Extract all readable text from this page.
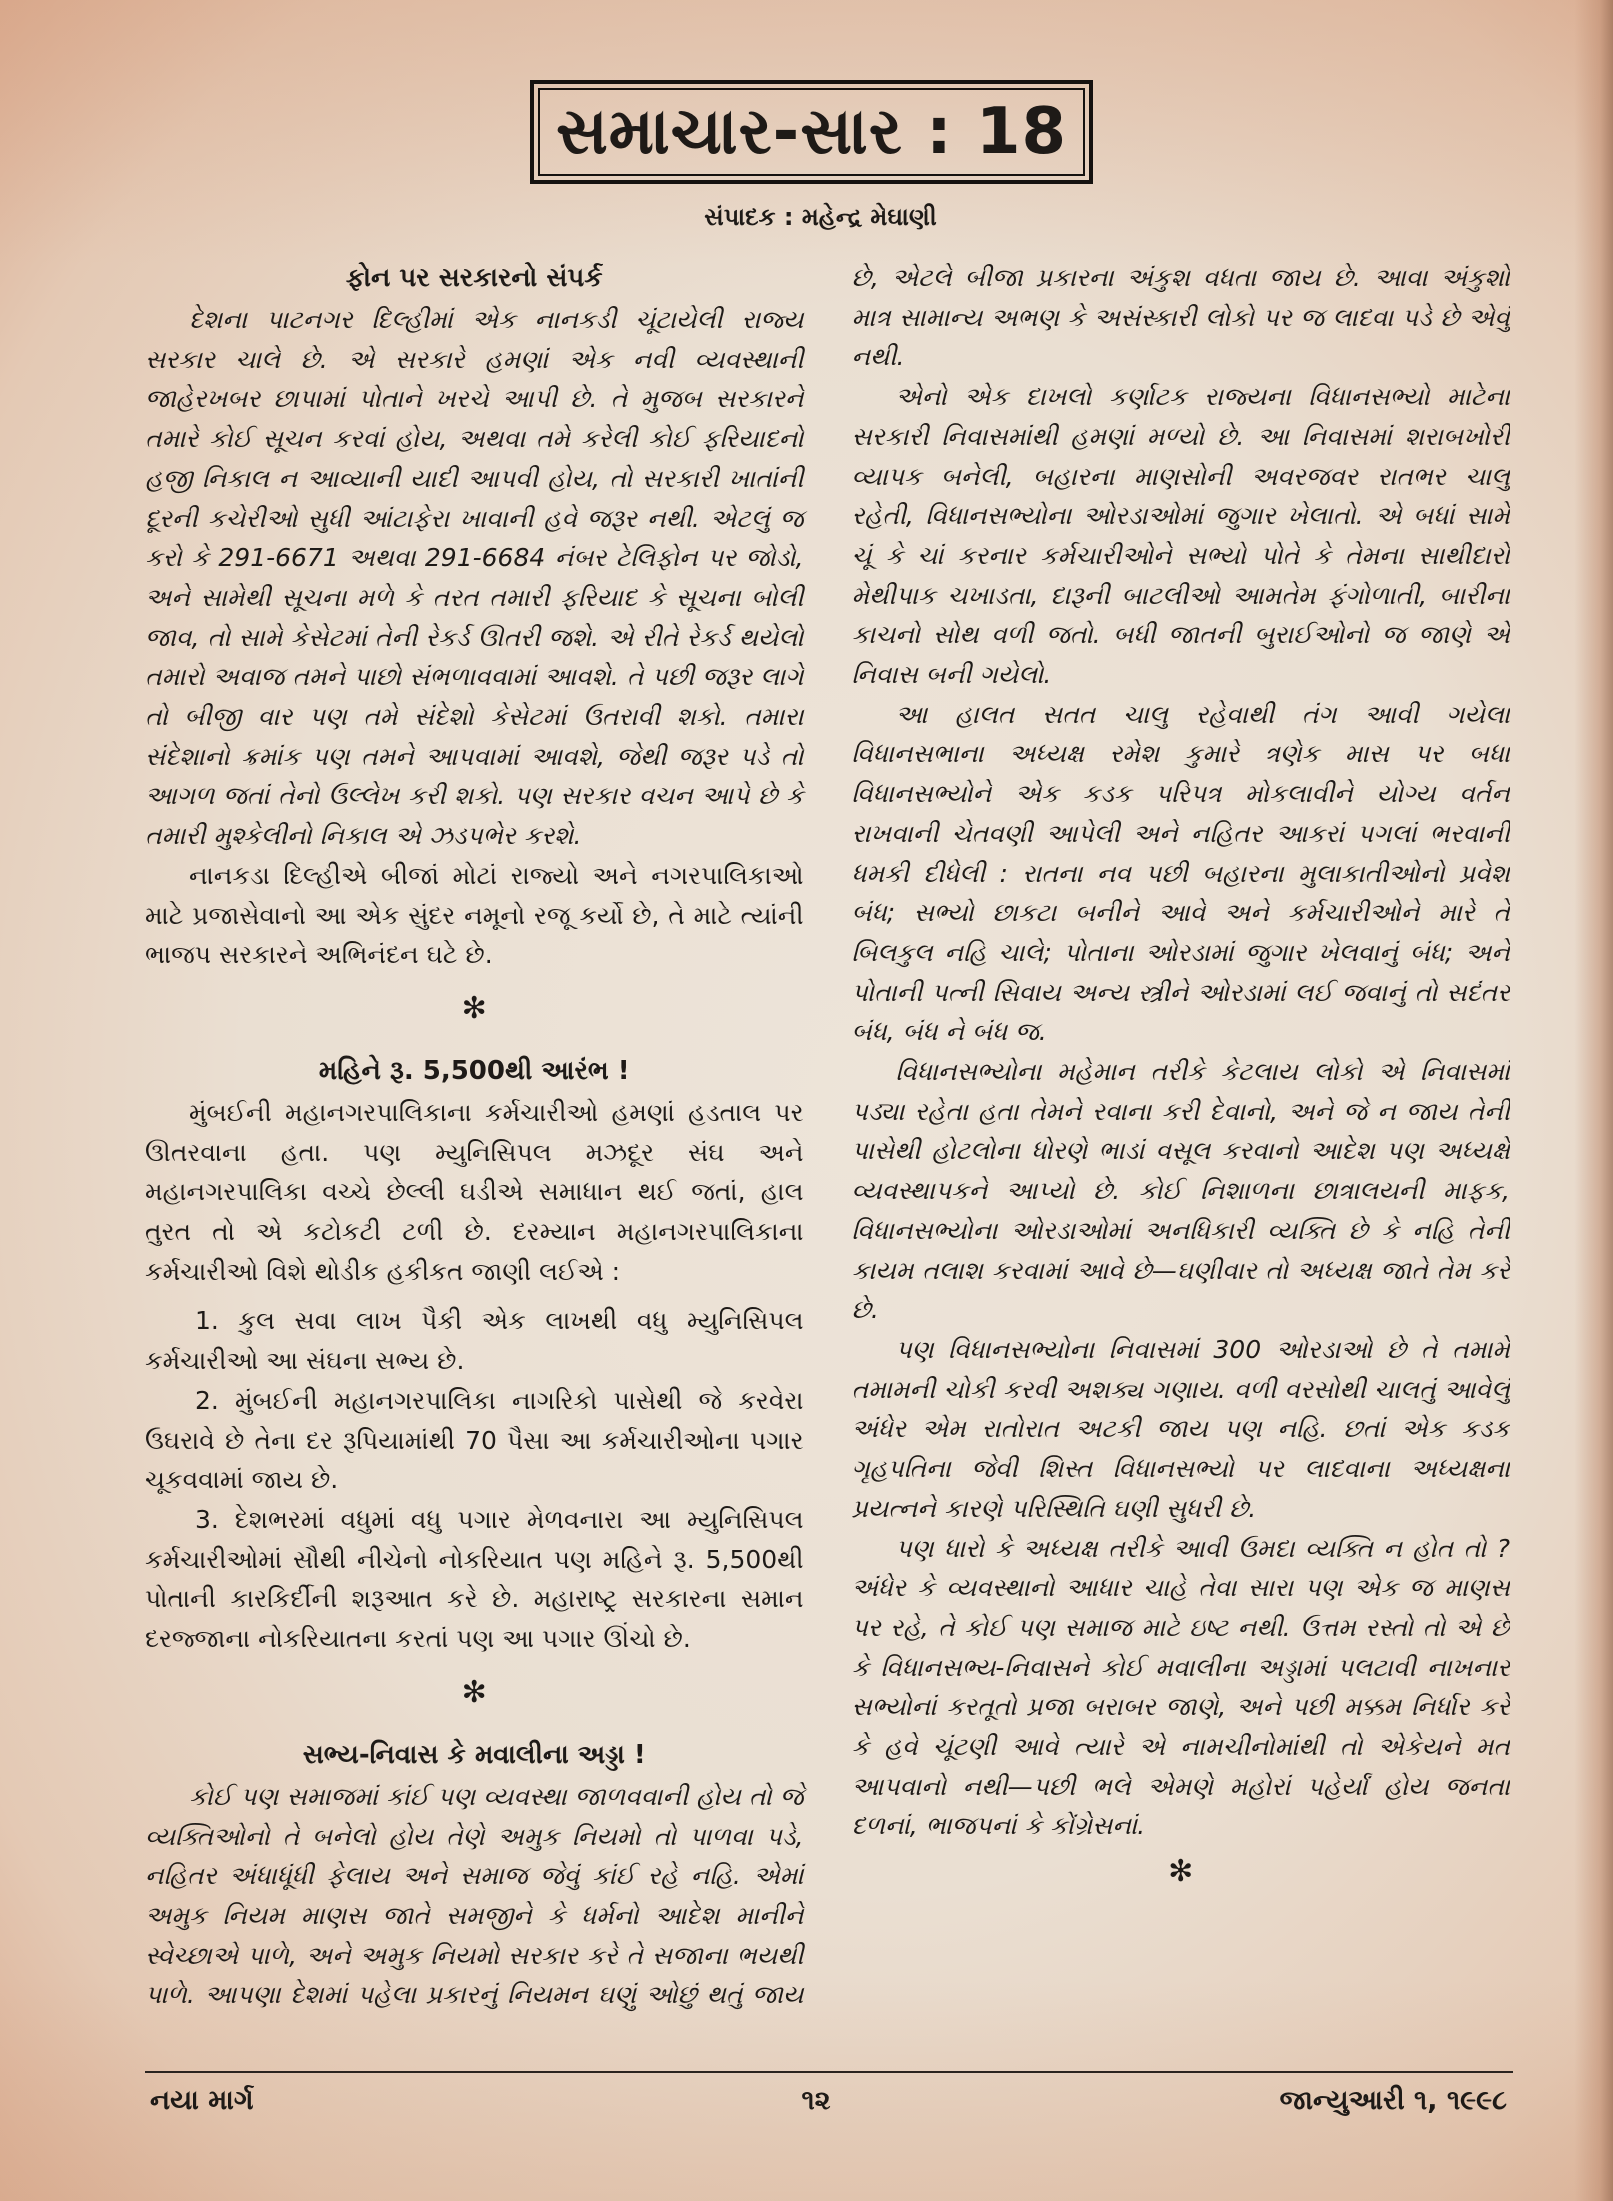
સમાચાર-સાર : 18
સંપાદક : મહેન્દ્ર મેઘાણી
ફોન પર સરકારનો સંપર્ક

દેશના પાટનગર દિલ્હીમાં એક નાનકડી ચૂંટાયેલી રાજ્ય સરકાર ચાલે છે. એ સરકારે હમણાં એક નવી વ્યવસ્થાની જાહેરખબર છાપામાં પોતાને ખરચે આપી છે. તે મુજબ સરકારને તમારે કોઈ સૂચન કરવાં હોય, અથવા તમે કરેલી કોઈ ફરિયાદનો હજી નિકાલ ન આવ્યાની યાદી આપવી હોય, તો સરકારી ખાતાંની દૂરની કચેરીઓ સુધી આંટાફેરા ખાવાની હવે જરૂર નથી. એટલું જ કરો કે 291-6671 અથવા 291-6684 નંબર ટેલિફોન પર જોડો, અને સામેથી સૂચના મળે કે તરત તમારી ફરિયાદ કે સૂચના બોલી જાવ, તો સામે કેસેટમાં તેની રેકર્ડ ઊતરી જશે. એ રીતે રેકર્ડ થયેલો તમારો અવાજ તમને પાછો સંભળાવવામાં આવશે. તે પછી જરૂર લાગે તો બીજી વાર પણ તમે સંદેશો કેસેટમાં ઉતરાવી શકો. તમારા સંદેશાનો ક્રમાંક પણ તમને આપવામાં આવશે, જેથી જરૂર પડે તો આગળ જતાં તેનો ઉલ્લેખ કરી શકો. પણ સરકાર વચન આપે છે કે તમારી મુશ્કેલીનો નિકાલ એ ઝડપભેર કરશે.

નાનકડા દિલ્હીએ બીજાં મોટાં રાજ્યો અને નગરપાલિકાઓ માટે પ્રજાસેવાનો આ એક સુંદર નમૂનો રજૂ કર્યો છે, તે માટે ત્યાંની ભાજપ સરકારને અભિનંદન ઘટે છે.

✻
મહિને રૂ. 5,500થી આરંભ !

મુંબઈની મહાનગરપાલિકાના કર્મચારીઓ હમણાં હડતાલ પર ઊતરવાના હતા. પણ મ્યુનિસિપલ મઝદૂર સંઘ અને મહાનગરપાલિકા વચ્ચે છેલ્લી ઘડીએ સમાધાન થઈ જતાં, હાલ તુરત તો એ કટોકટી ટળી છે. દરમ્યાન મહાનગરપાલિકાના કર્મચારીઓ વિશે થોડીક હકીકત જાણી લઈએ :

1. કુલ સવા લાખ પૈકી એક લાખથી વધુ મ્યુનિસિપલ કર્મચારીઓ આ સંઘના સભ્ય છે.

2. મુંબઈની મહાનગરપાલિકા નાગરિકો પાસેથી જે કરવેરા ઉઘરાવે છે તેના દર રૂપિયામાંથી 70 પૈસા આ કર્મચારીઓના પગાર ચૂકવવામાં જાય છે.

3. દેશભરમાં વધુમાં વધુ પગાર મેળવનારા આ મ્યુનિસિપલ કર્મચારીઓમાં સૌથી નીચેનો નોકરિયાત પણ મહિને રૂ. 5,500થી પોતાની કારકિર્દીની શરૂઆત કરે છે. મહારાષ્ટ્ર સરકારના સમાન દરજ્જાના નોકરિયાતના કરતાં પણ આ પગાર ઊંચો છે.

✻
સભ્ય-નિવાસ કે મવાલીના અડ્ડા !

કોઈ પણ સમાજમાં કાંઈ પણ વ્યવસ્થા જાળવવાની હોય તો જે વ્યક્તિઓનો તે બનેલો હોય તેણે અમુક નિયમો તો પાળવા પડે, નહિતર અંધાધૂંધી ફેલાય અને સમાજ જેવું કાંઈ રહે નહિ. એમાં અમુક નિયમ માણસ જાતે સમજીને કે ધર્મનો આદેશ માનીને સ્વેચ્છાએ પાળે, અને અમુક નિયમો સરકાર કરે તે સજાના ભયથી પાળે. આપણા દેશમાં પહેલા પ્રકારનું નિયમન ઘણું ઓછું થતું જાય છે, એટલે બીજા પ્રકારના અંકુશ વધતા જાય છે. આવા અંકુશો માત્ર સામાન્ય અભણ કે અસંસ્કારી લોકો પર જ લાદવા પડે છે એવું નથી.

એનો એક દાખલો કર્ણાટક રાજ્યના વિધાનસભ્યો માટેના સરકારી નિવાસમાંથી હમણાં મળ્યો છે. આ નિવાસમાં શરાબખોરી વ્યાપક બનેલી, બહારના માણસોની અવરજવર રાતભર ચાલુ રહેતી, વિધાનસભ્યોના ઓરડાઓમાં જુગાર ખેલાતો. એ બધાં સામે ચૂં કે ચાં કરનાર કર્મચારીઓને સભ્યો પોતે કે તેમના સાથીદારો મેથીપાક ચખાડતા, દારૂની બાટલીઓ આમતેમ ફંગોળાતી, બારીના કાચનો સોથ વળી જતો. બધી જાતની બુરાઈઓનો જ જાણે એ નિવાસ બની ગયેલો.

આ હાલત સતત ચાલુ રહેવાથી તંગ આવી ગયેલા વિધાનસભાના અધ્યક્ષ રમેશ કુમારે ત્રણેક માસ પર બધા વિધાનસભ્યોને એક કડક પરિપત્ર મોકલાવીને યોગ્ય વર્તન રાખવાની ચેતવણી આપેલી અને નહિતર આકરાં પગલાં ભરવાની ધમકી દીધેલી : રાતના નવ પછી બહારના મુલાકાતીઓનો પ્રવેશ બંધ; સભ્યો છાકટા બનીને આવે અને કર્મચારીઓને મારે તે બિલકુલ નહિ ચાલે; પોતાના ઓરડામાં જુગાર ખેલવાનું બંધ; અને પોતાની પત્ની સિવાય અન્ય સ્ત્રીને ઓરડામાં લઈ જવાનું તો સદંતર બંધ, બંધ ને બંધ જ.

વિધાનસભ્યોના મહેમાન તરીકે કેટલાય લોકો એ નિવાસમાં પડ્યા રહેતા હતા તેમને રવાના કરી દેવાનો, અને જે ન જાય તેની પાસેથી હોટલોના ધોરણે ભાડાં વસૂલ કરવાનો આદેશ પણ અધ્યક્ષે વ્યવસ્થાપકને આપ્યો છે. કોઈ નિશાળના છાત્રાલયની માફક, વિધાનસભ્યોના ઓરડાઓમાં અનધિકારી વ્યક્તિ છે કે નહિ તેની કાયમ તલાશ કરવામાં આવે છે—ઘણીવાર તો અધ્યક્ષ જાતે તેમ કરે છે.

પણ વિધાનસભ્યોના નિવાસમાં 300 ઓરડાઓ છે તે તમામે તમામની ચોકી કરવી અશક્ય ગણાય. વળી વરસોથી ચાલતું આવેલું અંધેર એમ રાતોરાત અટકી જાય પણ નહિ. છતાં એક કડક ગૃહપતિના જેવી શિસ્ત વિધાનસભ્યો પર લાદવાના અધ્યક્ષના પ્રયત્નને કારણે પરિસ્થિતિ ઘણી સુધરી છે.

પણ ધારો કે અધ્યક્ષ તરીકે આવી ઉમદા વ્યક્તિ ન હોત તો ? અંધેર કે વ્યવસ્થાનો આધાર ચાહે તેવા સારા પણ એક જ માણસ પર રહે, તે કોઈ પણ સમાજ માટે ઇષ્ટ નથી. ઉત્તમ રસ્તો તો એ છે કે વિધાનસભ્ય-નિવાસને કોઈ મવાલીના અડ્ડામાં પલટાવી નાખનાર સભ્યોનાં કરતૂતો પ્રજા બરાબર જાણે, અને પછી મક્કમ નિર્ધાર કરે કે હવે ચૂંટણી આવે ત્યારે એ નામચીનોમાંથી તો એકેયને મત આપવાનો નથી—પછી ભલે એમણે મહોરાં પહેર્યાં હોય જનતા દળનાં, ભાજપનાં કે કોંગ્રેસનાં.

✻
નયા માર્ગ	૧૨	જાન્યુઆરી ૧, ૧૯૯૮
